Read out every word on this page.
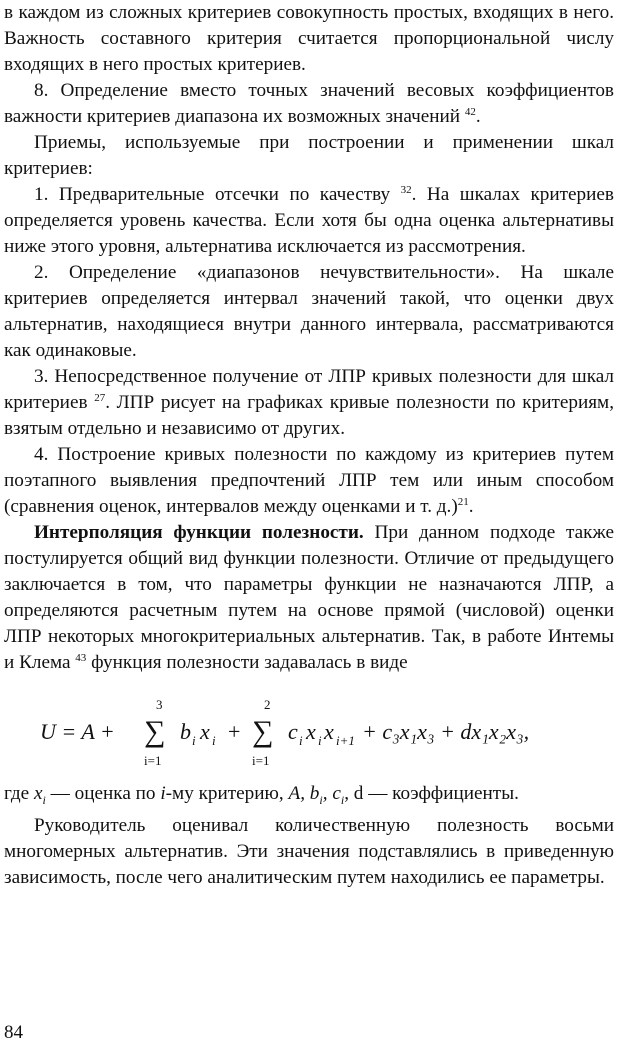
в каждом из сложных критериев совокупность простых, входящих в него. Важность составного критерия считается пропорциональной числу входящих в него простых критериев.

8. Определение вместо точных значений весовых коэффициентов важности критериев диапазона их возможных значений $^{42}$.

Приемы, используемые при построении и применении шкал критериев:

1. Предварительные отсечки по качеству $^{32}$. На шкалах критериев определяется уровень качества. Если хотя бы одна оценка альтернативы ниже этого уровня, альтернатива исключается из рассмотрения.

2. Определение «диапазонов нечувствительности». На шкале критериев определяется интервал значений такой, что оценки двух альтернатив, находящиеся внутри данного интервала, рассматриваются как одинаковые.

3. Непосредственное получение от ЛПР кривых полезности для шкал критериев $^{27}$. ЛПР рисует на графиках кривые полезности по критериям, взятым отдельно и независимо от других.

4. Построение кривых полезности по каждому из критериев путем поэтапного выявления предпочтений ЛПР тем или иным способом (сравнения оценок, интервалов между оценками и т. д.)$^{21}$.

Интерполяция функции полезности. При данном подходе также постулируется общий вид функции полезности. Отличие от предыдущего заключается в том, что параметры функции не назначаются ЛПР, а определяются расчетным путем на основе прямой (числовой) оценки ЛПР некоторых многокритериальных альтернатив. Так, в работе Интемы и Клема $^{43}$ функция полезности задавалась в виде

U = A +
3
∑
i=1
b i x i +
2
∑
i=1
c i x i x i+1 + c₃x₁x₃ + dx₁x₂x₃,

где $x_i$ — оценка по i-му критерию, A, $b_i$, $c_i$, d — коэффициенты.

Руководитель оценивал количественную полезность восьми многомерных альтернатив. Эти значения подставлялись в приведенную зависимость, после чего аналитическим путем находились ее параметры.

84
